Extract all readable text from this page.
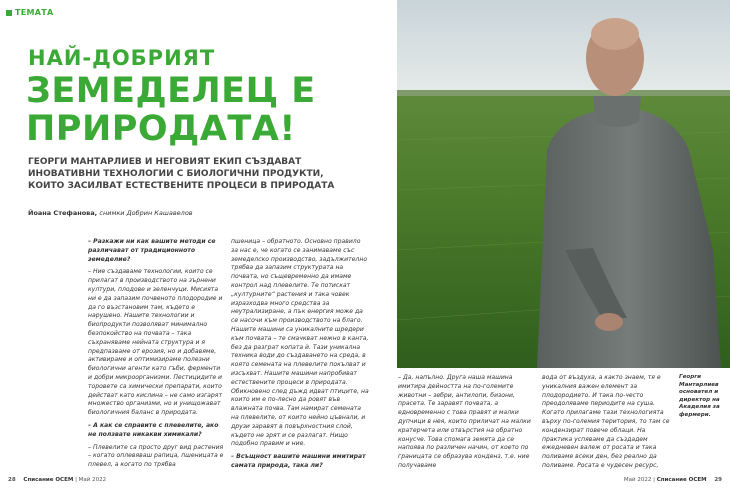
ТЕМАТА
НАЙ-ДОБРИЯТ
ЗЕМЕДЕЛЕЦ Е ПРИРОДАТА!
ГЕОРГИ МАНТАРЛИЕВ И НЕГОВИЯТ ЕКИП СЪЗДАВАТ ИНОВАТИВНИ ТЕХНОЛОГИИ С БИОЛОГИЧНИ ПРОДУКТИ, КОИТО ЗАСИЛВАТ ЕСТЕСТВЕНИТЕ ПРОЦЕСИ В ПРИРОДАТА
Йоана Стефанова, снимки Добрин Кашавелов
28 Списание ОСЕМ | Май 2022	Май 2022 | Списание ОСЕМ 29

– Разкажи ни как вашите методи се различават от традиционното земеделие?

– Ние създаваме технологии, които се прилагат в производството на зърнени култури, плодове и зеленчуци. Мисията ни е да запазим почвеното плодородие и да го възстановим там, където е нарушено. Нашите технологии и биопродукти позволяват минимално безпокойство на почвата – така съхраняваме нейната структура и я предпазваме от ерозия, но и добавяме, активираме и оптимизираме полезни биологични агенти като гъби, ферменти и добри микроорганизми. Пестицидите и торовете са химически препарати, които действат като кислина – не само изгарят множество организми, но и унищожават биологичния баланс в природата.

– А как се справите с плевелите, ако не ползвате никакви химикали?

– Плевелите са просто друг вид растения – когато оплевяваш рапица, пшеницата е плевел, а когато по трябва

пшеница – обратното. Основно правило за нас е, че когато се занимаваме със земеделско производство, задължително трябва да запазим структурата на почвата, но същевременно да имаме контрол над плевелите. Те потискат „културните“ растения и така човек изразходва много средства за неутрализиране, а пък енергия може да се насочи към производството на благо. Нашите машини са уникалните шредери към почвата – те смачкват нежно в канта, без да разграт копата ѝ. Тази уникална техника води до създаването на среда, в която семената на плевелите покълват и изсъхват. Нашите машини напробиват естествените процеси в природата. Обикновено след дъжд идват птиците, на които им е по-лесно да ровят във влажната почва. Там намират семената на плевелите, от които нейно цъвнали, и друзи заравят в повърхностния слой, където не зрят и се разлагат. Нищо подобно правим и ние.

– Всъщност вашите машини имитират самата природа, така ли?

– Да, напълно. Друга наша машина имитира дейността на по-големите животни – зебри, антилопи, бизони, прасета. Те заравят почвата, а едновременно с това правят и малки дупчици в нея, които приличат на малки кратерчета или отвърстия на обратно конусче. Това спомага земята да се напоява по различен начин, от което по границата се образува конденз, т.е. ние получаваме

вода от въздуха, а както знаем, тя е уникалния важен елемент за плодородието. И така по-често преодоляваме периодите на суша. Когато прилагаме тази технологията върху по-големия територия, то там се кондензират повече облаци. На практика успяваме да създадем ежедневен валеж от росата и така поливаме всеки ден, без реално да поливаме. Росата е чудесен ресурс,

Георги Мантарлиев основател и директор на Акаделия за фермери.
